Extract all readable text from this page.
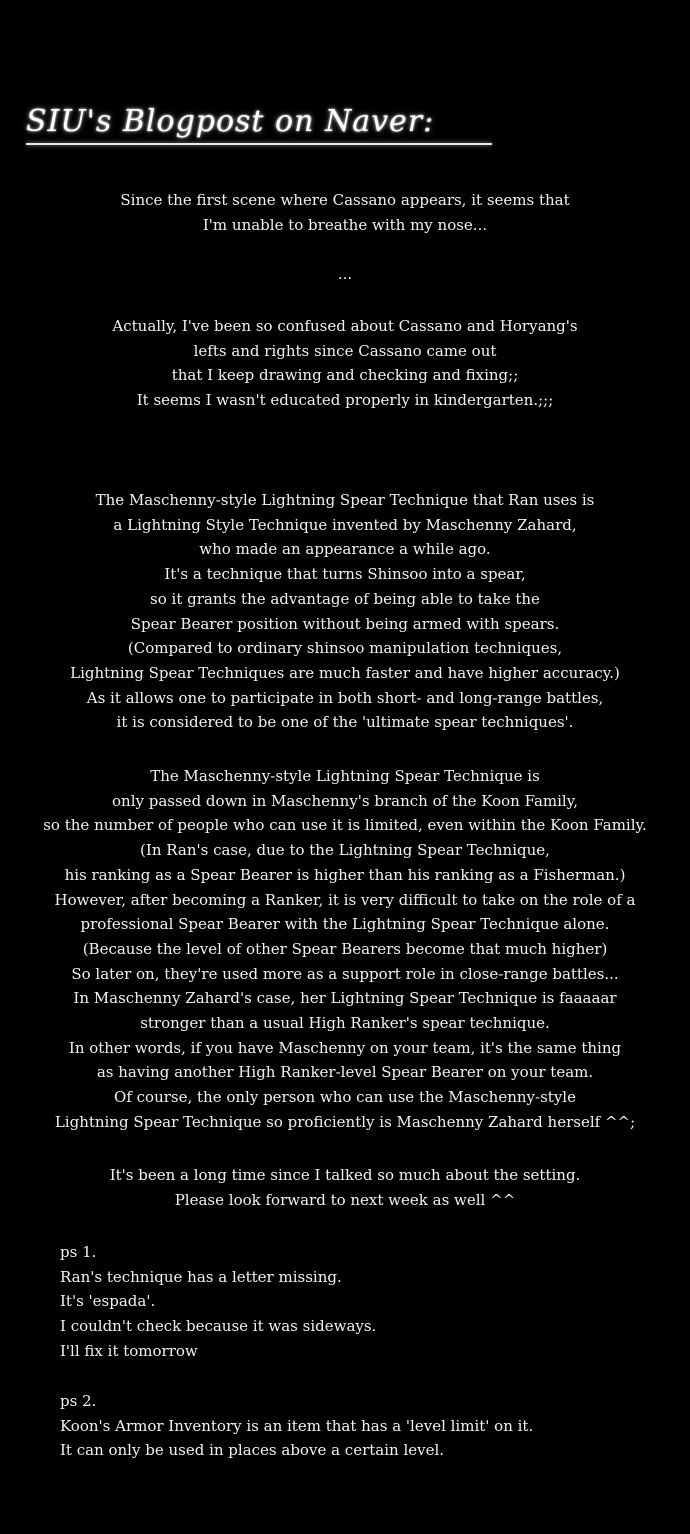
SIU's Blogpost on Naver:
Since the first scene where Cassano appears, it seems that
I'm unable to breathe with my nose...
...
Actually, I've been so confused about Cassano and Horyang's
lefts and rights since Cassano came out
that I keep drawing and checking and fixing;;
It seems I wasn't educated properly in kindergarten.;;;
The Maschenny-style Lightning Spear Technique that Ran uses is
a Lightning Style Technique invented by Maschenny Zahard,
who made an appearance a while ago.
It's a technique that turns Shinsoo into a spear,
so it grants the advantage of being able to take the
Spear Bearer position without being armed with spears.
(Compared to ordinary shinsoo manipulation techniques,
Lightning Spear Techniques are much faster and have higher accuracy.)
As it allows one to participate in both short- and long-range battles,
it is considered to be one of the 'ultimate spear techniques'.
The Maschenny-style Lightning Spear Technique is
only passed down in Maschenny's branch of the Koon Family,
so the number of people who can use it is limited, even within the Koon Family.
(In Ran's case, due to the Lightning Spear Technique,
his ranking as a Spear Bearer is higher than his ranking as a Fisherman.)
However, after becoming a Ranker, it is very difficult to take on the role of a
professional Spear Bearer with the Lightning Spear Technique alone.
(Because the level of other Spear Bearers become that much higher)
So later on, they're used more as a support role in close-range battles...
In Maschenny Zahard's case, her Lightning Spear Technique is faaaaar
stronger than a usual High Ranker's spear technique.
In other words, if you have Maschenny on your team, it's the same thing
as having another High Ranker-level Spear Bearer on your team.
Of course, the only person who can use the Maschenny-style
Lightning Spear Technique so proficiently is Maschenny Zahard herself ^^;
It's been a long time since I talked so much about the setting.
Please look forward to next week as well ^^
ps 1.
Ran's technique has a letter missing.
It's 'espada'.
I couldn't check because it was sideways.
I'll fix it tomorrow
ps 2.
Koon's Armor Inventory is an item that has a 'level limit' on it.
It can only be used in places above a certain level.
